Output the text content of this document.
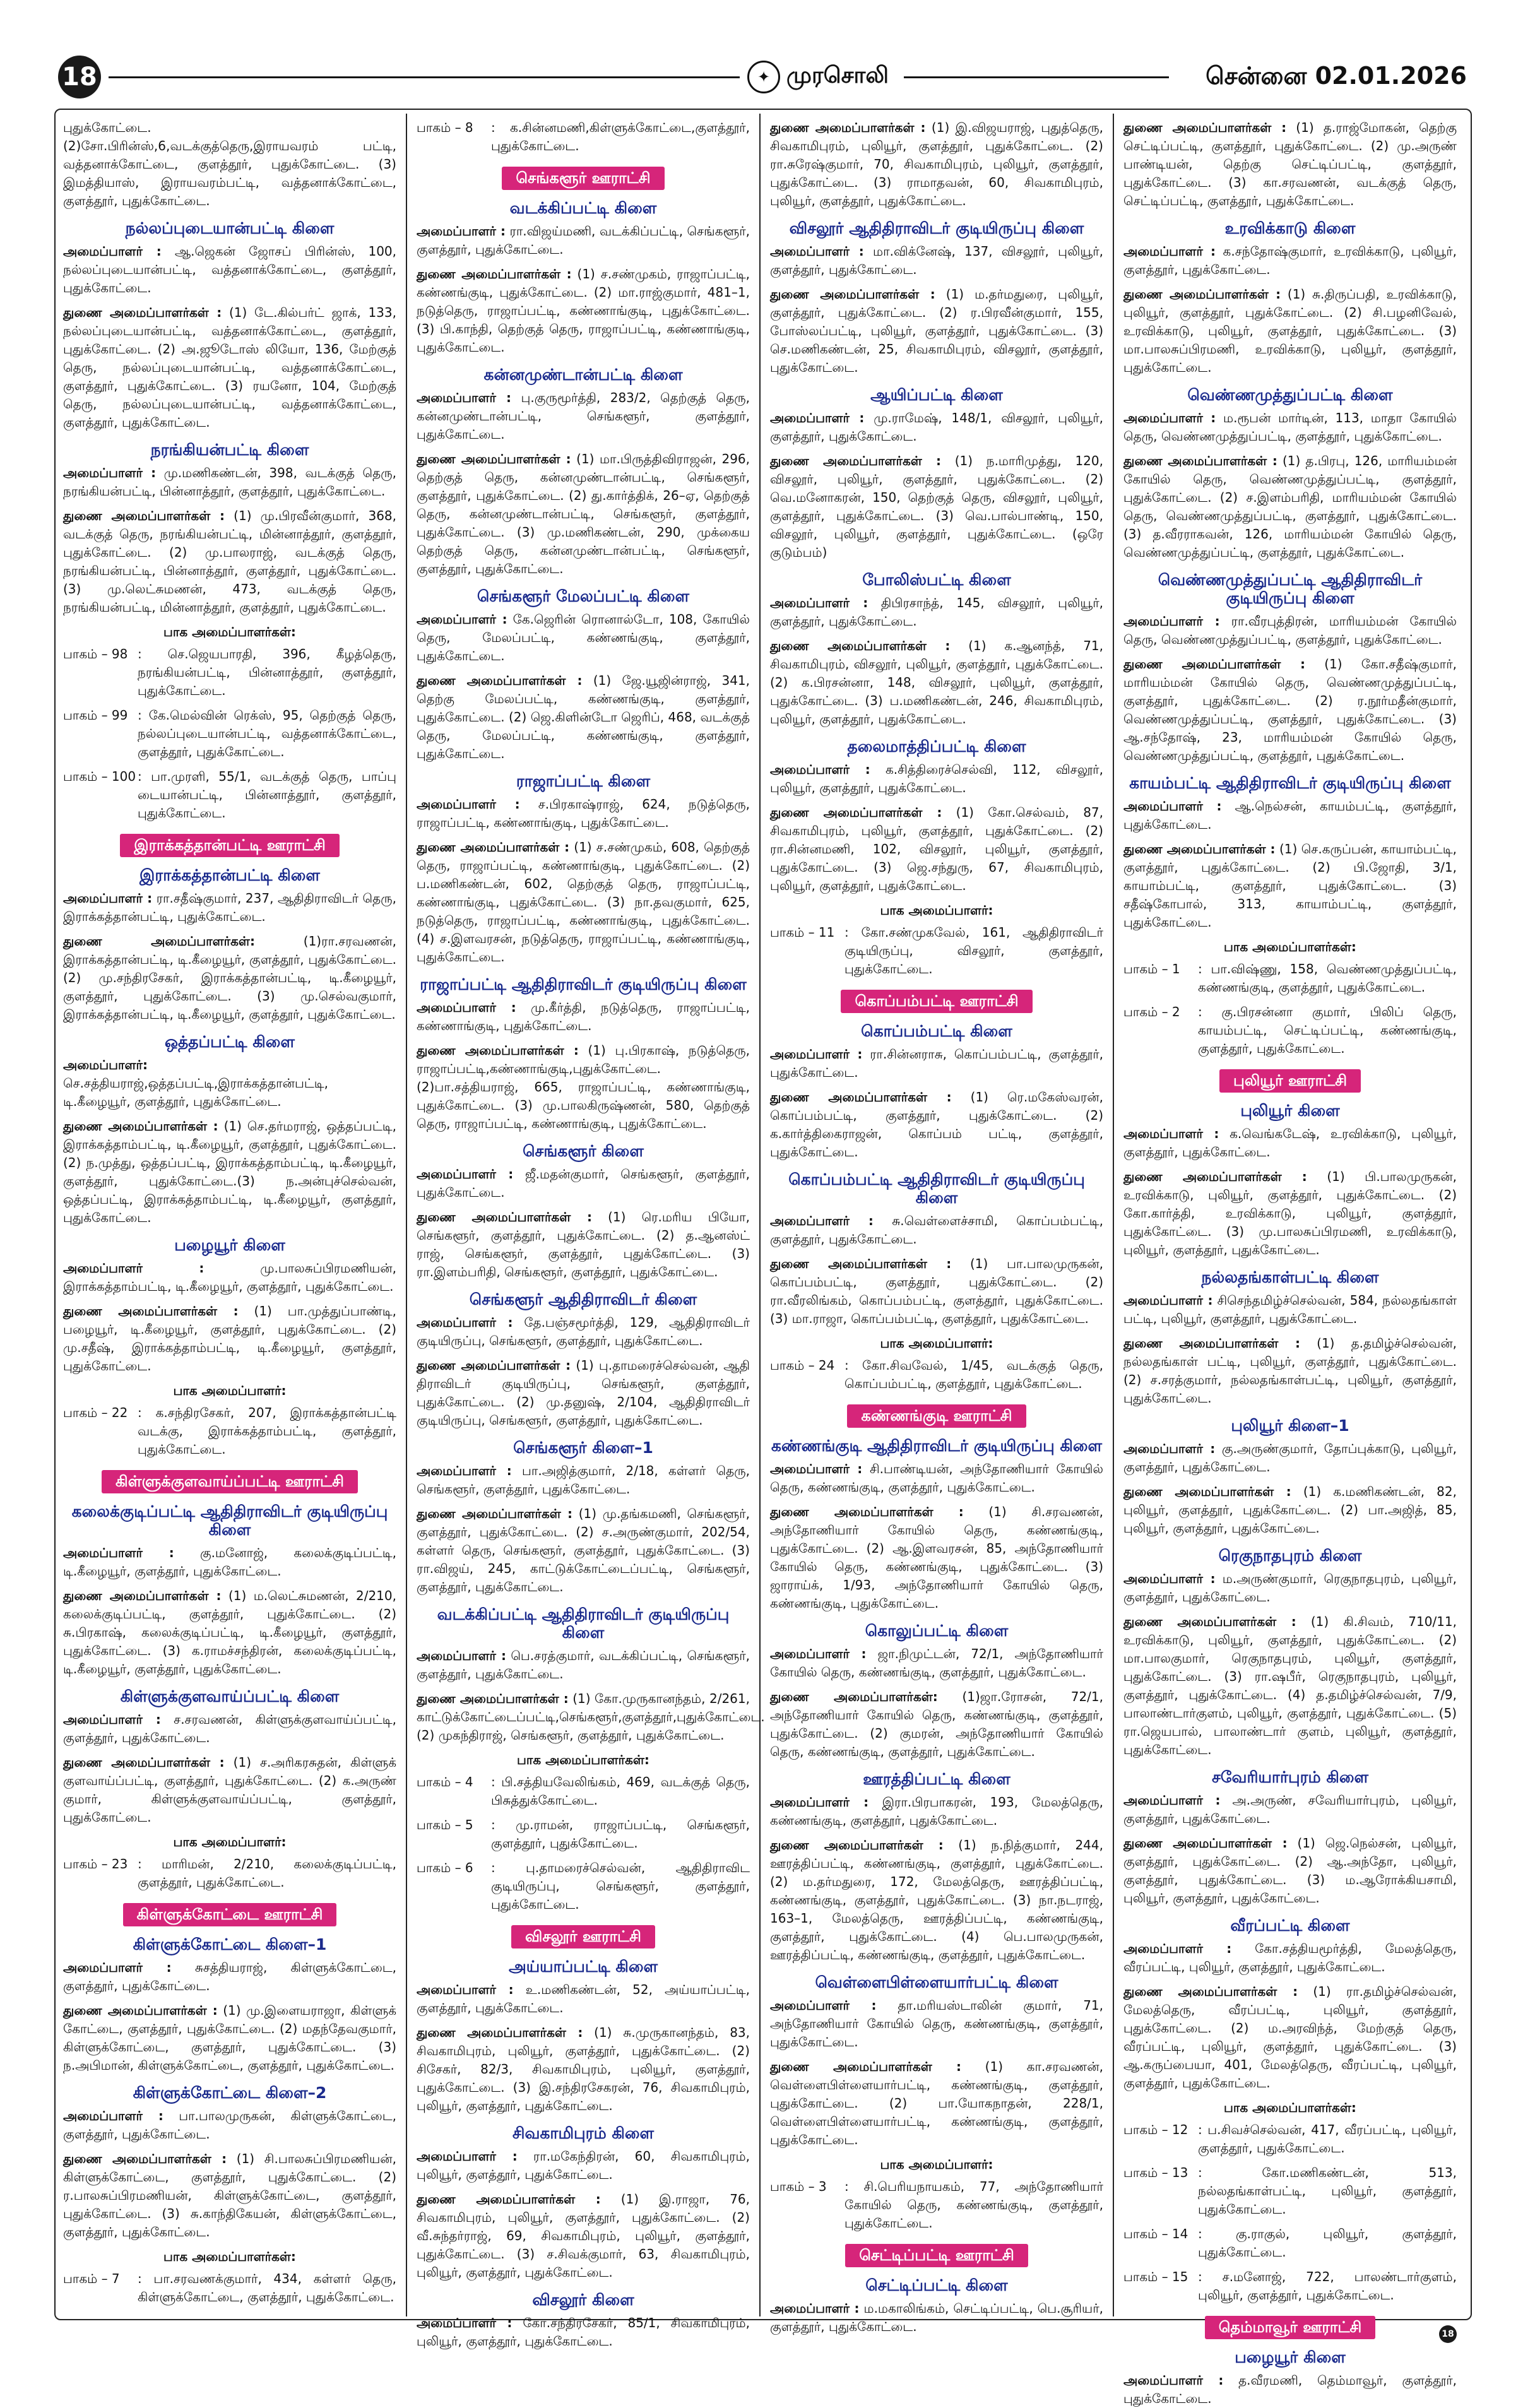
18	✦ முரசொலி	சென்னை 02.01.2026

புதுக்கோட்டை.(2)சோ.பிரின்ஸ்,6,வடக்குத்தெரு,இராயவரம் பட்டி, வத்தனாக்கோட்டை, குளத்தூர், புதுக்கோட்டை. (3) இமத்தியாஸ், இராயவரம்பட்டி, வத்தனாக்கோட்டை, குளத்தூர், புதுக்கோட்டை.

நல்லப்புடையான்பட்டி கிளை

அமைப்பாளர் : ஆ.ஜெகன் ஜோசப் பிரின்ஸ், 100, நல்லப்புடையான்பட்டி, வத்தனாக்கோட்டை, குளத்தூர், புதுக்கோட்டை.

துணை அமைப்பாளர்கள் : (1) டே.கில்பர்ட் ஜாக், 133, நல்லப்புடையான்பட்டி, வத்தனாக்கோட்டை, குளத்தூர், புதுக்கோட்டை. (2) அ.ஜூடோஸ் லியோ, 136, மேற்குத் தெரு, நல்லப்புடையான்பட்டி, வத்தனாக்கோட்டை, குளத்தூர், புதுக்கோட்டை. (3) ரயனோ, 104, மேற்குத் தெரு, நல்லப்புடையான்பட்டி, வத்தனாக்கோட்டை, குளத்தூர், புதுக்கோட்டை.

நரங்கியன்பட்டி கிளை

அமைப்பாளர் : மு.மணிகண்டன், 398, வடக்குத் தெரு, நரங்கியன்பட்டி, பின்னாத்தூர், குளத்தூர், புதுக்கோட்டை.

துணை அமைப்பாளர்கள் : (1) மு.பிரவீன்குமார், 368, வடக்குத் தெரு, நரங்கியன்பட்டி, மின்னாத்தூர், குளத்தூர், புதுக்கோட்டை. (2) மு.பாலராஜ், வடக்குத் தெரு, நரங்கியன்பட்டி, பின்னாத்தூர், குளத்தூர், புதுக்கோட்டை. (3) மு.லெட்சுமணன், 473, வடக்குத் தெரு, நரங்கியன்பட்டி, மின்னாத்தூர், குளத்தூர், புதுக்கோட்டை.

பாக அமைப்பாளர்கள்:
பாகம் – 98 : செ.ஜெயபாரதி, 396, கீழத்தெரு, நரங்கியன்பட்டி, பின்னாத்தூர், குளத்தூர், புதுக்கோட்டை.
பாகம் – 99 : கே.மெல்வின் ரெக்ஸ், 95, தெற்குத் தெரு, நல்லப்புடையான்பட்டி, வத்தனாக்கோட்டை, குளத்தூர், புதுக்கோட்டை.
பாகம் – 100 : பா.முரளி, 55/1, வடக்குத் தெரு, பாப்பு டையான்பட்டி, பின்னாத்தூர், குளத்தூர், புதுக்கோட்டை.
இராக்கத்தான்பட்டி ஊராட்சி
இராக்கத்தான்பட்டி கிளை

அமைப்பாளர் : ரா.சதீஷ்குமார், 237, ஆதிதிராவிடர் தெரு, இராக்கத்தான்பட்டி, புதுக்கோட்டை.

துணை அமைப்பாளர்கள்:	(1)ரா.சரவணன், இராக்கத்தான்பட்டி, டி.கீழையூர், குளத்தூர், புதுக்கோட்டை. (2) மு.சந்திரசேகர், இராக்கத்தான்பட்டி, டி.கீழையூர், குளத்தூர், புதுக்கோட்டை. (3) மு.செல்வகுமார், இராக்கத்தான்பட்டி, டி.கீழையூர், குளத்தூர், புதுக்கோட்டை.

ஒத்தப்பட்டி கிளை

அமைப்பாளர்: செ.சத்தியராஜ்,ஒத்தப்பட்டி,இராக்கத்தான்பட்டி, டி.கீழையூர், குளத்தூர், புதுக்கோட்டை.

துணை அமைப்பாளர்கள் : (1) செ.தர்மராஜ், ஒத்தப்பட்டி, இராக்கத்தாம்பட்டி, டி.கீழையூர், குளத்தூர், புதுக்கோட்டை. (2) ந.முத்து, ஒத்தப்பட்டி, இராக்கத்தாம்பட்டி, டி.கீழையூர், குளத்தூர், புதுக்கோட்டை.(3) ந.அன்புச்செல்வன், ஒத்தப்பட்டி, இராக்கத்தாம்பட்டி, டி.கீழையூர், குளத்தூர், புதுக்கோட்டை.

பழையூர் கிளை

அமைப்பாளர் :	மு.பாலசுப்பிரமணியன், இராக்கத்தாம்பட்டி, டி.கீழையூர், குளத்தூர், புதுக்கோட்டை.

துணை அமைப்பாளர்கள் : (1) பா.முத்துப்பாண்டி, பழையூர், டி.கீழையூர், குளத்தூர், புதுக்கோட்டை. (2) மு.சதீஷ், இராக்கத்தாம்பட்டி, டி.கீழையூர், குளத்தூர், புதுக்கோட்டை.

பாக அமைப்பாளர்:
பாகம் – 22 : க.சந்திரசேகர், 207, இராக்கத்தான்பட்டி வடக்கு, இராக்கத்தாம்பட்டி, குளத்தூர், புதுக்கோட்டை.
கிள்ளுக்குளவாய்ப்பட்டி ஊராட்சி
கலைக்குடிப்பட்டி ஆதிதிராவிடர் குடியிருப்பு கிளை

அமைப்பாளர் : கு.மனோஜ், கலைக்குடிப்பட்டி, டி.கீழையூர், குளத்தூர், புதுக்கோட்டை.

துணை அமைப்பாளர்கள் : (1) ம.லெட்சுமணன், 2/210, கலைக்குடிப்பட்டி, குளத்தூர், புதுக்கோட்டை. (2) சு.பிரகாஷ், கலைக்குடிப்பட்டி, டி.கீழையூர், குளத்தூர், புதுக்கோட்டை. (3) க.ராமச்சந்திரன், கலைக்குடிப்பட்டி, டி.கீழையூர், குளத்தூர், புதுக்கோட்டை.

கிள்ளுக்குளவாய்ப்பட்டி கிளை

அமைப்பாளர் : ச.சரவணன், கிள்ளுக்குளவாய்ப்பட்டி, குளத்தூர், புதுக்கோட்டை.

துணை அமைப்பாளர்கள் : (1) ச.அரிகரசுதன், கிள்ளுக் குளவாய்ப்பட்டி, குளத்தூர், புதுக்கோட்டை. (2) க.அருண் குமார், கிள்ளுக்குளவாய்ப்பட்டி, குளத்தூர், புதுக்கோட்டை.

பாக அமைப்பாளர்:
பாகம் – 23 : மாரிமன், 2/210, கலைக்குடிப்பட்டி, குளத்தூர், புதுக்கோட்டை.
கிள்ளுக்கோட்டை ஊராட்சி
கிள்ளுக்கோட்டை கிளை–1

அமைப்பாளர் : சுசத்தியராஜ், கிள்ளுக்கோட்டை, குளத்தூர், புதுக்கோட்டை.

துணை அமைப்பாளர்கள் : (1) மு.இளையராஜா, கிள்ளுக் கோட்டை, குளத்தூர், புதுக்கோட்டை. (2) மதந்தேவகுமார், கிள்ளுக்கோட்டை, குளத்தூர், புதுக்கோட்டை. (3) ந.அபிமான், கிள்ளுக்கோட்டை, குளத்தூர், புதுக்கோட்டை.

கிள்ளுக்கோட்டை கிளை–2

அமைப்பாளர் : பா.பாலமுருகன், கிள்ளுக்கோட்டை, குளத்தூர், புதுக்கோட்டை.

துணை அமைப்பாளர்கள் : (1) சி.பாலசுப்பிரமணியன், கிள்ளுக்கோட்டை, குளத்தூர், புதுக்கோட்டை. (2) ர.பாலசுப்பிரமணியன், கிள்ளுக்கோட்டை, குளத்தூர், புதுக்கோட்டை. (3) சு.காந்திகேயன், கிள்ளுக்கோட்டை, குளத்தூர், புதுக்கோட்டை.

பாக அமைப்பாளர்கள்:
பாகம் – 7	: பா.சரவணக்குமார், 434, கள்ளர் தெரு, கிள்ளுக்கோட்டை, குளத்தூர், புதுக்கோட்டை.
பாகம் – 8	: க.சின்னமணி,கிள்ளுக்கோட்டை,குளத்தூர், புதுக்கோட்டை.
செங்களூர் ஊராட்சி
வடக்கிப்பட்டி கிளை

அமைப்பாளர் : ரா.விஜய்மணி, வடக்கிப்பட்டி, செங்களூர், குளத்தூர், புதுக்கோட்டை.

துணை அமைப்பாளர்கள் : (1) ச.சண்முகம், ராஜாப்பட்டி, கண்ணங்குடி, புதுக்கோட்டை. (2) மா.ராஜ்குமார், 481–1, நடுத்தெரு, ராஜாப்பட்டி, கண்ணாங்குடி, புதுக்கோட்டை. (3) பி.காந்தி, தெற்குத் தெரு, ராஜாப்பட்டி, கண்ணாங்குடி, புதுக்கோட்டை.

கன்னமுண்டான்பட்டி கிளை

அமைப்பாளர் : பு.குருமூர்த்தி, 283/2, தெற்குத் தெரு, கன்னமுண்டான்பட்டி, செங்களூர், குளத்தூர், புதுக்கோட்டை.

துணை அமைப்பாளர்கள் : (1) மா.பிருத்திவிராஜன், 296, தெற்குத் தெரு, கன்னமுண்டான்பட்டி, செங்களூர், குளத்தூர், புதுக்கோட்டை. (2) து.கார்த்திக், 26–ஏ, தெற்குத் தெரு, கன்னமுண்டான்பட்டி, செங்களூர், குளத்தூர், புதுக்கோட்டை. (3) மு.மணிகண்டன், 290, முக்கைய தெற்குத் தெரு, கன்னமுண்டான்பட்டி, செங்களூர், குளத்தூர், புதுக்கோட்டை.

செங்களூர் மேலப்பட்டி கிளை

அமைப்பாளர் : கே.ஜெரின் ரொனால்டோ, 108, கோயில் தெரு, மேலப்பட்டி, கண்ணங்குடி, குளத்தூர், புதுக்கோட்டை.

துணை அமைப்பாளர்கள் : (1) ஜே.யூஜின்ராஜ், 341, தெற்கு மேலப்பட்டி, கண்ணங்குடி, குளத்தூர், புதுக்கோட்டை. (2) ஜெ.கிளின்டோ ஜெரிப், 468, வடக்குத் தெரு, மேலப்பட்டி, கண்ணங்குடி, குளத்தூர், புதுக்கோட்டை.

ராஜாப்பட்டி கிளை

அமைப்பாளர் : ச.பிரகாஷ்ராஜ், 624, நடுத்தெரு, ராஜாப்பட்டி, கண்ணாங்குடி, புதுக்கோட்டை.

துணை அமைப்பாளர்கள் : (1) ச.சண்முகம், 608, தெற்குத் தெரு, ராஜாப்பட்டி, கண்ணாங்குடி, புதுக்கோட்டை. (2) ப.மணிகண்டன், 602, தெற்குத் தெரு, ராஜாப்பட்டி, கண்ணாங்குடி, புதுக்கோட்டை. (3) நா.தவகுமார், 625, நடுத்தெரு, ராஜாப்பட்டி, கண்ணாங்குடி, புதுக்கோட்டை. (4) ச.இளவரசன், நடுத்தெரு, ராஜாப்பட்டி, கண்ணாங்குடி, புதுக்கோட்டை.

ராஜாப்பட்டி ஆதிதிராவிடர் குடியிருப்பு கிளை

அமைப்பாளர் : மு.கீர்த்தி, நடுத்தெரு, ராஜாப்பட்டி, கண்ணாங்குடி, புதுக்கோட்டை.

துணை அமைப்பாளர்கள் : (1) பு.பிரகாஷ், நடுத்தெரு, ராஜாப்பட்டி,கண்ணாங்குடி,புதுக்கோட்டை.(2)பா.சத்தியராஜ், 665, ராஜாப்பட்டி, கண்ணாங்குடி, புதுக்கோட்டை. (3) மு.பாலகிருஷ்ணன், 580, தெற்குத் தெரு, ராஜாப்பட்டி, கண்ணாங்குடி, புதுக்கோட்டை.

செங்களூர் கிளை

அமைப்பாளர் : ஜீ.மதன்குமார், செங்களூர், குளத்தூர், புதுக்கோட்டை.

துணை அமைப்பாளர்கள் : (1) ரெ.மரிய பியோ, செங்களூர், குளத்தூர், புதுக்கோட்டை. (2) த.ஆனஸ்ட் ராஜ், செங்களூர், குளத்தூர், புதுக்கோட்டை. (3) ரா.இளம்பரிதி, செங்களூர், குளத்தூர், புதுக்கோட்டை.

செங்களூர் ஆதிதிராவிடர் கிளை

அமைப்பாளர் : தே.பஞ்சமூர்த்தி, 129, ஆதிதிராவிடர் குடியிருப்பு, செங்களூர், குளத்தூர், புதுக்கோட்டை.

துணை அமைப்பாளர்கள் : (1) பு.தாமரைச்செல்வன், ஆதி திராவிடர் குடியிருப்பு, செங்களூர், குளத்தூர், புதுக்கோட்டை. (2) மு.தனுஷ், 2/104, ஆதிதிராவிடர் குடியிருப்பு, செங்களூர், குளத்தூர், புதுக்கோட்டை.

செங்களூர் கிளை–1

அமைப்பாளர் : பா.அஜித்குமார், 2/18, கள்ளர் தெரு, செங்களூர், குளத்தூர், புதுக்கோட்டை.

துணை அமைப்பாளர்கள் : (1) மு.தங்கமணி, செங்களூர், குளத்தூர், புதுக்கோட்டை. (2) ச.அருண்குமார், 202/54, கள்ளர் தெரு, செங்களூர், குளத்தூர், புதுக்கோட்டை. (3) ரா.விஜய், 245, காட்டுக்கோட்டைப்பட்டி, செங்களூர், குளத்தூர், புதுக்கோட்டை.

வடக்கிப்பட்டி ஆதிதிராவிடர் குடியிருப்பு கிளை

அமைப்பாளர் : பெ.சரத்குமார், வடக்கிப்பட்டி, செங்களூர், குளத்தூர், புதுக்கோட்டை.

துணை அமைப்பாளர்கள் : (1) கோ.முருகானந்தம், 2/261, காட்டுக்கோட்டைப்பட்டி,செங்களூர்,குளத்தூர்,புதுக்கோட்டை. (2) முகந்திராஜ், செங்களூர், குளத்தூர், புதுக்கோட்டை.

பாக அமைப்பாளர்கள்:
பாகம் – 4	: பி.சத்தியவேலிங்கம், 469, வடக்குத் தெரு, பிசுத்துக்கோட்டை.
பாகம் – 5	: மு.ராமன், ராஜாப்பட்டி, செங்களூர், குளத்தூர், புதுக்கோட்டை.
பாகம் – 6	: பு.தாமரைச்செல்வன், ஆதிதிராவிட குடியிருப்பு, செங்களூர், குளத்தூர், புதுக்கோட்டை.
விசலூர் ஊராட்சி
அய்யாப்பட்டி கிளை

அமைப்பாளர் : உ.மணிகண்டன், 52, அய்யாப்பட்டி, குளத்தூர், புதுக்கோட்டை.

துணை அமைப்பாளர்கள் : (1) சு.முருகானந்தம், 83, சிவகாமிபுரம், புலியூர், குளத்தூர், புதுக்கோட்டை. (2) சிசேகர், 82/3, சிவகாமிபுரம், புலியூர், குளத்தூர், புதுக்கோட்டை. (3) இ.சந்திரசேகரன், 76, சிவகாமிபுரம், புலியூர், குளத்தூர், புதுக்கோட்டை.

சிவகாமிபுரம் கிளை

அமைப்பாளர் : ரா.மகேந்திரன், 60, சிவகாமிபுரம், புலியூர், குளத்தூர், புதுக்கோட்டை.

துணை அமைப்பாளர்கள் : (1) இ.ராஜா, 76, சிவகாமிபுரம், புலியூர், குளத்தூர், புதுக்கோட்டை. (2) வீ.சுந்தர்ராஜ், 69, சிவகாமிபுரம், புலியூர், குளத்தூர், புதுக்கோட்டை. (3) ச.சிவக்குமார், 63, சிவகாமிபுரம், புலியூர், குளத்தூர், புதுக்கோட்டை.

விசலூர் கிளை

அமைப்பாளர் : கோ.சந்திரசேகர், 85/1, சிவகாமிபுரம், புலியூர், குளத்தூர், புதுக்கோட்டை.

துணை அமைப்பாளர்கள் : (1) இ.விஜயராஜ், புதுத்தெரு, சிவகாமிபுரம், புலியூர், குளத்தூர், புதுக்கோட்டை. (2) ரா.சுரேஷ்குமார், 70, சிவகாமிபுரம், புலியூர், குளத்தூர், புதுக்கோட்டை. (3) ராமாதவன், 60, சிவகாமிபுரம், புலியூர், குளத்தூர், புதுக்கோட்டை.

விசலூர் ஆதிதிராவிடர் குடியிருப்பு கிளை

அமைப்பாளர் : மா.விக்னேஷ், 137, விசலூர், புலியூர், குளத்தூர், புதுக்கோட்டை.

துணை அமைப்பாளர்கள் : (1) ம.தர்மதுரை, புலியூர், குளத்தூர், புதுக்கோட்டை. (2) ர.பிரவீன்குமார், 155, போஸ்லப்பட்டி, புலியூர், குளத்தூர், புதுக்கோட்டை. (3) செ.மணிகண்டன், 25, சிவகாமிபுரம், விசலூர், குளத்தூர், புதுக்கோட்டை.

ஆயிப்பட்டி கிளை

அமைப்பாளர் : மு.ராமேஷ், 148/1, விசலூர், புலியூர், குளத்தூர், புதுக்கோட்டை.

துணை அமைப்பாளர்கள் : (1) ந.மாரிமுத்து, 120, விசலூர், புலியூர், குளத்தூர், புதுக்கோட்டை. (2) வெ.மனோகரன், 150, தெற்குத் தெரு, விசலூர், புலியூர், குளத்தூர், புதுக்கோட்டை. (3) வெ.பால்பாண்டி, 150, விசலூர், புலியூர், குளத்தூர், புதுக்கோட்டை. (ஒரே குடும்பம்)

போலிஸ்பட்டி கிளை

அமைப்பாளர் : திபிரசாந்த், 145, விசலூர், புலியூர், குளத்தூர், புதுக்கோட்டை.

துணை அமைப்பாளர்கள் : (1) க.ஆனந்த், 71, சிவகாமிபுரம், விசலூர், புலியூர், குளத்தூர், புதுக்கோட்டை. (2) க.பிரசன்னா, 148, விசலூர், புலியூர், குளத்தூர், புதுக்கோட்டை. (3) ப.மணிகண்டன், 246, சிவகாமிபுரம், புலியூர், குளத்தூர், புதுக்கோட்டை.

தலைமாத்திப்பட்டி கிளை

அமைப்பாளர் : க.சித்திரைச்செல்வி, 112, விசலூர், புலியூர், குளத்தூர், புதுக்கோட்டை.

துணை அமைப்பாளர்கள் : (1) கோ.செல்வம், 87, சிவகாமிபுரம், புலியூர், குளத்தூர், புதுக்கோட்டை. (2) ரா.சின்னமணி, 102, விசலூர், புலியூர், குளத்தூர், புதுக்கோட்டை. (3) ஜெ.சந்துரு, 67, சிவகாமிபுரம், புலியூர், குளத்தூர், புதுக்கோட்டை.

பாக அமைப்பாளர்:
பாகம் – 11 : கோ.சண்முகவேல், 161, ஆதிதிராவிடர் குடியிருப்பு, விசலூர், குளத்தூர், புதுக்கோட்டை.
கொப்பம்பட்டி ஊராட்சி
கொப்பம்பட்டி கிளை

அமைப்பாளர் : ரா.சின்னராசு, கொப்பம்பட்டி, குளத்தூர், புதுக்கோட்டை.

துணை அமைப்பாளர்கள் : (1) ரெ.மகேஸ்வரன், கொப்பம்பட்டி, குளத்தூர், புதுக்கோட்டை. (2) க.கார்த்திகைராஜன், கொப்பம் பட்டி, குளத்தூர், புதுக்கோட்டை.

கொப்பம்பட்டி ஆதிதிராவிடர் குடியிருப்பு கிளை

அமைப்பாளர் : சு.வெள்ளைச்சாமி, கொப்பம்பட்டி, குளத்தூர், புதுக்கோட்டை.

துணை அமைப்பாளர்கள் : (1) பா.பாலமுருகன், கொப்பம்பட்டி, குளத்தூர், புதுக்கோட்டை. (2) ரா.வீரலிங்கம், கொப்பம்பட்டி, குளத்தூர், புதுக்கோட்டை. (3) மா.ராஜா, கொப்பம்பட்டி, குளத்தூர், புதுக்கோட்டை.

பாக அமைப்பாளர்:
பாகம் – 24 : கோ.சிவவேல், 1/45, வடக்குத் தெரு, கொப்பம்பட்டி, குளத்தூர், புதுக்கோட்டை.
கண்ணங்குடி ஊராட்சி
கண்ணங்குடி ஆதிதிராவிடர் குடியிருப்பு கிளை

அமைப்பாளர் : சி.பாண்டியன், அந்தோணியார் கோயில் தெரு, கண்ணங்குடி, குளத்தூர், புதுக்கோட்டை.

துணை அமைப்பாளர்கள் : (1) சி.சரவணன், அந்தோணியார் கோயில் தெரு, கண்ணங்குடி, புதுக்கோட்டை. (2) ஆ.இளவரசன், 85, அந்தோணியார் கோயில் தெரு, கண்ணங்குடி, புதுக்கோட்டை. (3) ஜாராய்க், 1/93, அந்தோணியார் கோயில் தெரு, கண்ணங்குடி, புதுக்கோட்டை.

கொலுப்பட்டி கிளை

அமைப்பாளர் : ஜா.நிமுட்டன், 72/1, அந்தோணியார் கோயில் தெரு, கண்ணங்குடி, குளத்தூர், புதுக்கோட்டை.

துணை அமைப்பாளர்கள்: (1)ஜா.ரோசன், 72/1, அந்தோணியார் கோயில் தெரு, கண்ணங்குடி, குளத்தூர், புதுக்கோட்டை. (2) குமரன், அந்தோணியார் கோயில் தெரு, கண்ணங்குடி, குளத்தூர், புதுக்கோட்டை.

ஊரத்திப்பட்டி கிளை

அமைப்பாளர் : இரா.பிரபாகரன், 193, மேலத்தெரு, கண்ணங்குடி, குளத்தூர், புதுக்கோட்டை.

துணை அமைப்பாளர்கள் : (1) ந.நித்குமார், 244, ஊரத்திப்பட்டி, கண்ணங்குடி, குளத்தூர், புதுக்கோட்டை. (2) ம.தர்மதுரை, 172, மேலத்தெரு, ஊரத்திப்பட்டி, கண்ணங்குடி, குளத்தூர், புதுக்கோட்டை. (3) நா.நடராஜ், 163–1, மேலத்தெரு, ஊரத்திப்பட்டி, கண்ணங்குடி, குளத்தூர், புதுக்கோட்டை. (4) பெ.பாலமுருகன், ஊரத்திப்பட்டி, கண்ணங்குடி, குளத்தூர், புதுக்கோட்டை.

வெள்ளைபிள்ளையார்பட்டி கிளை

அமைப்பாளர் : தா.மரியஸ்டாலின் குமார், 71, அந்தோணியார் கோயில் தெரு, கண்ணங்குடி, குளத்தூர், புதுக்கோட்டை.

துணை அமைப்பாளர்கள் : (1) கா.சரவணன், வெள்ளைபிள்ளையார்பட்டி, கண்ணங்குடி, குளத்தூர், புதுக்கோட்டை. (2) பா.யோகநாதன், 228/1, வெள்ளைபிள்ளையார்பட்டி, கண்ணங்குடி, குளத்தூர், புதுக்கோட்டை.

பாக அமைப்பாளர்:
பாகம் – 3	: சி.பெரியநாயகம், 77, அந்தோணியார் கோயில் தெரு, கண்ணங்குடி, குளத்தூர், புதுக்கோட்டை.
செட்டிப்பட்டி ஊராட்சி
செட்டிப்பட்டி கிளை

அமைப்பாளர் : ம.மகாலிங்கம், செட்டிப்பட்டி, பெ.சூரியர், குளத்தூர், புதுக்கோட்டை.

துணை அமைப்பாளர்கள் : (1) த.ராஜ்மோகன், தெற்கு செட்டிப்பட்டி, குளத்தூர், புதுக்கோட்டை. (2) மு.அருண் பாண்டியன், தெற்கு செட்டிப்பட்டி, குளத்தூர், புதுக்கோட்டை. (3) கா.சரவணன், வடக்குத் தெரு, செட்டிப்பட்டி, குளத்தூர், புதுக்கோட்டை.

உரவிக்காடு கிளை

அமைப்பாளர் : க.சந்தோஷ்குமார், உரவிக்காடு, புலியூர், குளத்தூர், புதுக்கோட்டை.

துணை அமைப்பாளர்கள் : (1) சு.திருப்பதி, உரவிக்காடு, புலியூர், குளத்தூர், புதுக்கோட்டை. (2) சி.பழனிவேல், உரவிக்காடு, புலியூர், குளத்தூர், புதுக்கோட்டை. (3) மா.பாலசுப்பிரமணி, உரவிக்காடு, புலியூர், குளத்தூர், புதுக்கோட்டை.

வெண்ணமுத்துப்பட்டி கிளை

அமைப்பாளர் : ம.ரூபன் மார்டின், 113, மாதா கோயில் தெரு, வெண்ணமுத்துப்பட்டி, குளத்தூர், புதுக்கோட்டை.

துணை அமைப்பாளர்கள் : (1) த.பிரபு, 126, மாரியம்மன் கோயில் தெரு, வெண்ணமுத்துப்பட்டி, குளத்தூர், புதுக்கோட்டை. (2) ச.இளம்பரிதி, மாரியம்மன் கோயில் தெரு, வெண்ணமுத்துப்பட்டி, குளத்தூர், புதுக்கோட்டை. (3) த.வீரராகவன், 126, மாரியம்மன் கோயில் தெரு, வெண்ணமுத்துப்பட்டி, குளத்தூர், புதுக்கோட்டை.

வெண்ணமுத்துப்பட்டி ஆதிதிராவிடர் குடியிருப்பு கிளை

அமைப்பாளர் : ரா.வீரபுத்திரன், மாரியம்மன் கோயில் தெரு, வெண்ணமுத்துப்பட்டி, குளத்தூர், புதுக்கோட்டை.

துணை அமைப்பாளர்கள் : (1) கோ.சதீஷ்குமார், மாரியம்மன் கோயில் தெரு, வெண்ணமுத்துப்பட்டி, குளத்தூர், புதுக்கோட்டை. (2) ர.நூர்மதீன்குமார், வெண்ணமுத்துப்பட்டி, குளத்தூர், புதுக்கோட்டை. (3) ஆ.சந்தோஷ், 23, மாரியம்மன் கோயில் தெரு, வெண்ணமுத்துப்பட்டி, குளத்தூர், புதுக்கோட்டை.

காயம்பட்டி ஆதிதிராவிடர் குடியிருப்பு கிளை

அமைப்பாளர் : ஆ.நெல்சன், காயம்பட்டி, குளத்தூர், புதுக்கோட்டை.

துணை அமைப்பாளர்கள் : (1) செ.கருப்பன், காயாம்பட்டி, குளத்தூர், புதுக்கோட்டை. (2) பி.ஜோதி, 3/1, காயாம்பட்டி, குளத்தூர், புதுக்கோட்டை. (3) சதீஷ்கோபால், 313, காயாம்பட்டி, குளத்தூர், புதுக்கோட்டை.

பாக அமைப்பாளர்கள்:
பாகம் – 1	: பா.விஷ்ணு, 158, வெண்ணமுத்துப்பட்டி, கண்ணங்குடி, குளத்தூர், புதுக்கோட்டை.
பாகம் – 2	: கு.பிரசன்னா குமார், பிலிப் தெரு, காயம்பட்டி, செட்டிப்பட்டி, கண்ணங்குடி, குளத்தூர், புதுக்கோட்டை.
புலியூர் ஊராட்சி
புலியூர் கிளை

அமைப்பாளர் : க.வெங்கடேஷ், உரவிக்காடு, புலியூர், குளத்தூர், புதுக்கோட்டை.

துணை அமைப்பாளர்கள் : (1) பி.பாலமுருகன், உரவிக்காடு, புலியூர், குளத்தூர், புதுக்கோட்டை. (2) கோ.கார்த்தி, உரவிக்காடு, புலியூர், குளத்தூர், புதுக்கோட்டை. (3) மு.பாலசுப்பிரமணி, உரவிக்காடு, புலியூர், குளத்தூர், புதுக்கோட்டை.

நல்லதங்காள்பட்டி கிளை

அமைப்பாளர் : சிசெந்தமிழ்ச்செல்வன், 584, நல்லதங்காள் பட்டி, புலியூர், குளத்தூர், புதுக்கோட்டை.

துணை அமைப்பாளர்கள் : (1) த.தமிழ்ச்செல்வன், நல்லதங்காள் பட்டி, புலியூர், குளத்தூர், புதுக்கோட்டை. (2) ச.சரத்குமார், நல்லதங்காள்பட்டி, புலியூர், குளத்தூர், புதுக்கோட்டை.

புலியூர் கிளை–1

அமைப்பாளர் : கு.அருண்குமார், தோப்புக்காடு, புலியூர், குளத்தூர், புதுக்கோட்டை.

துணை அமைப்பாளர்கள் : (1) க.மணிகண்டன், 82, புலியூர், குளத்தூர், புதுக்கோட்டை. (2) பா.அஜித், 85, புலியூர், குளத்தூர், புதுக்கோட்டை.

ரெகுநாதபுரம் கிளை

அமைப்பாளர் : ம.அருண்குமார், ரெகுநாதபுரம், புலியூர், குளத்தூர், புதுக்கோட்டை.

துணை அமைப்பாளர்கள் : (1) கி.சிவம், 710/11, உரவிக்காடு, புலியூர், குளத்தூர், புதுக்கோட்டை. (2) மா.பாலகுமார், ரெகுநாதபுரம், புலியூர், குளத்தூர், புதுக்கோட்டை. (3) ரா.ஷபீர், ரெகுநாதபுரம், புலியூர், குளத்தூர், புதுக்கோட்டை. (4) த.தமிழ்ச்செல்வன், 7/9, பாலாண்டார்குளம், புலியூர், குளத்தூர், புதுக்கோட்டை. (5) ரா.ஜெயபால், பாலாண்டார் குளம், புலியூர், குளத்தூர், புதுக்கோட்டை.

சவேரியார்புரம் கிளை

அமைப்பாளர் : அ.அருண், சவேரியார்புரம், புலியூர், குளத்தூர், புதுக்கோட்டை.

துணை அமைப்பாளர்கள் : (1) ஜெ.நெல்சன், புலியூர், குளத்தூர், புதுக்கோட்டை. (2) ஆ.அந்தோ, புலியூர், குளத்தூர், புதுக்கோட்டை. (3) ம.ஆரோக்கியசாமி, புலியூர், குளத்தூர், புதுக்கோட்டை.

வீரப்பட்டி கிளை

அமைப்பாளர் : கோ.சத்தியமூர்த்தி, மேலத்தெரு, வீரப்பட்டி, புலியூர், குளத்தூர், புதுக்கோட்டை.

துணை அமைப்பாளர்கள் : (1) ரா.தமிழ்ச்செல்வன், மேலத்தெரு, வீரப்பட்டி, புலியூர், குளத்தூர், புதுக்கோட்டை. (2) ம.அரவிந்த், மேற்குத் தெரு, வீரப்பட்டி, புலியூர், குளத்தூர், புதுக்கோட்டை. (3) ஆ.கருப்பையா, 401, மேலத்தெரு, வீரப்பட்டி, புலியூர், குளத்தூர், புதுக்கோட்டை.

பாக அமைப்பாளர்கள்:
பாகம் – 12 : ப.சிவச்செல்வன், 417, வீரப்பட்டி, புலியூர், குளத்தூர், புதுக்கோட்டை.
பாகம் – 13 : கோ.மணிகண்டன், 513, நல்லதங்காள்பட்டி, புலியூர், குளத்தூர், புதுக்கோட்டை.
பாகம் – 14 : கு.ராகுல், புலியூர், குளத்தூர், புதுக்கோட்டை.
பாகம் – 15 : ச.மனோஜ், 722, பாலண்டார்குளம், புலியூர், குளத்தூர், புதுக்கோட்டை.
தெம்மாவூர் ஊராட்சி
பழையூர் கிளை

அமைப்பாளர் : த.வீரமணி, தெம்மாவூர், குளத்தூர், புதுக்கோட்டை.

18
